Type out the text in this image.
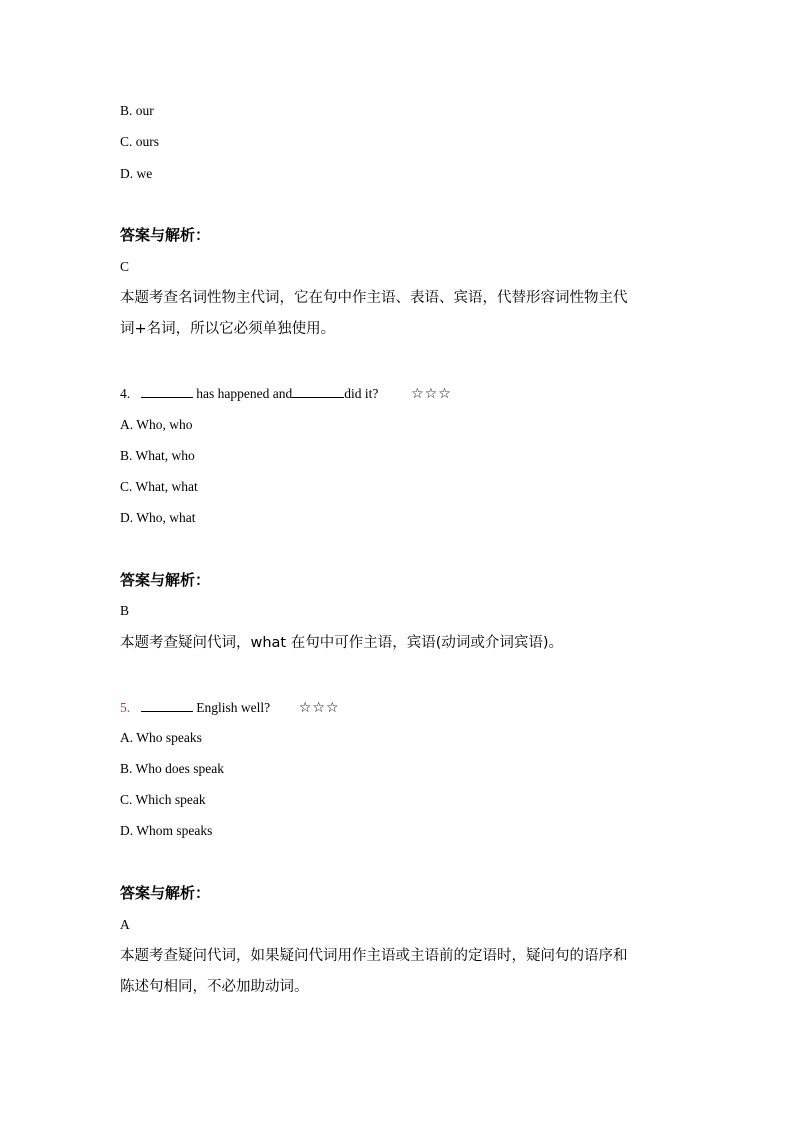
B. our
C. ours
D. we
答案与解析：
C
本题考查名词性物主代词，它在句中作主语、表语、宾语，代替形容词性物主代
词+名词，所以它必须单独使用。
4.	has happened and	did it? ☆☆☆
A. Who, who
B. What, who
C. What, what
D. Who, what
答案与解析：
B
本题考查疑问代词，what 在句中可作主语，宾语(动词或介词宾语)。
5.	English well? ☆☆☆
A. Who speaks
B. Who does speak
C. Which speak
D. Whom speaks
答案与解析：
A
本题考查疑问代词，如果疑问代词用作主语或主语前的定语时，疑问句的语序和
陈述句相同，不必加助动词。
